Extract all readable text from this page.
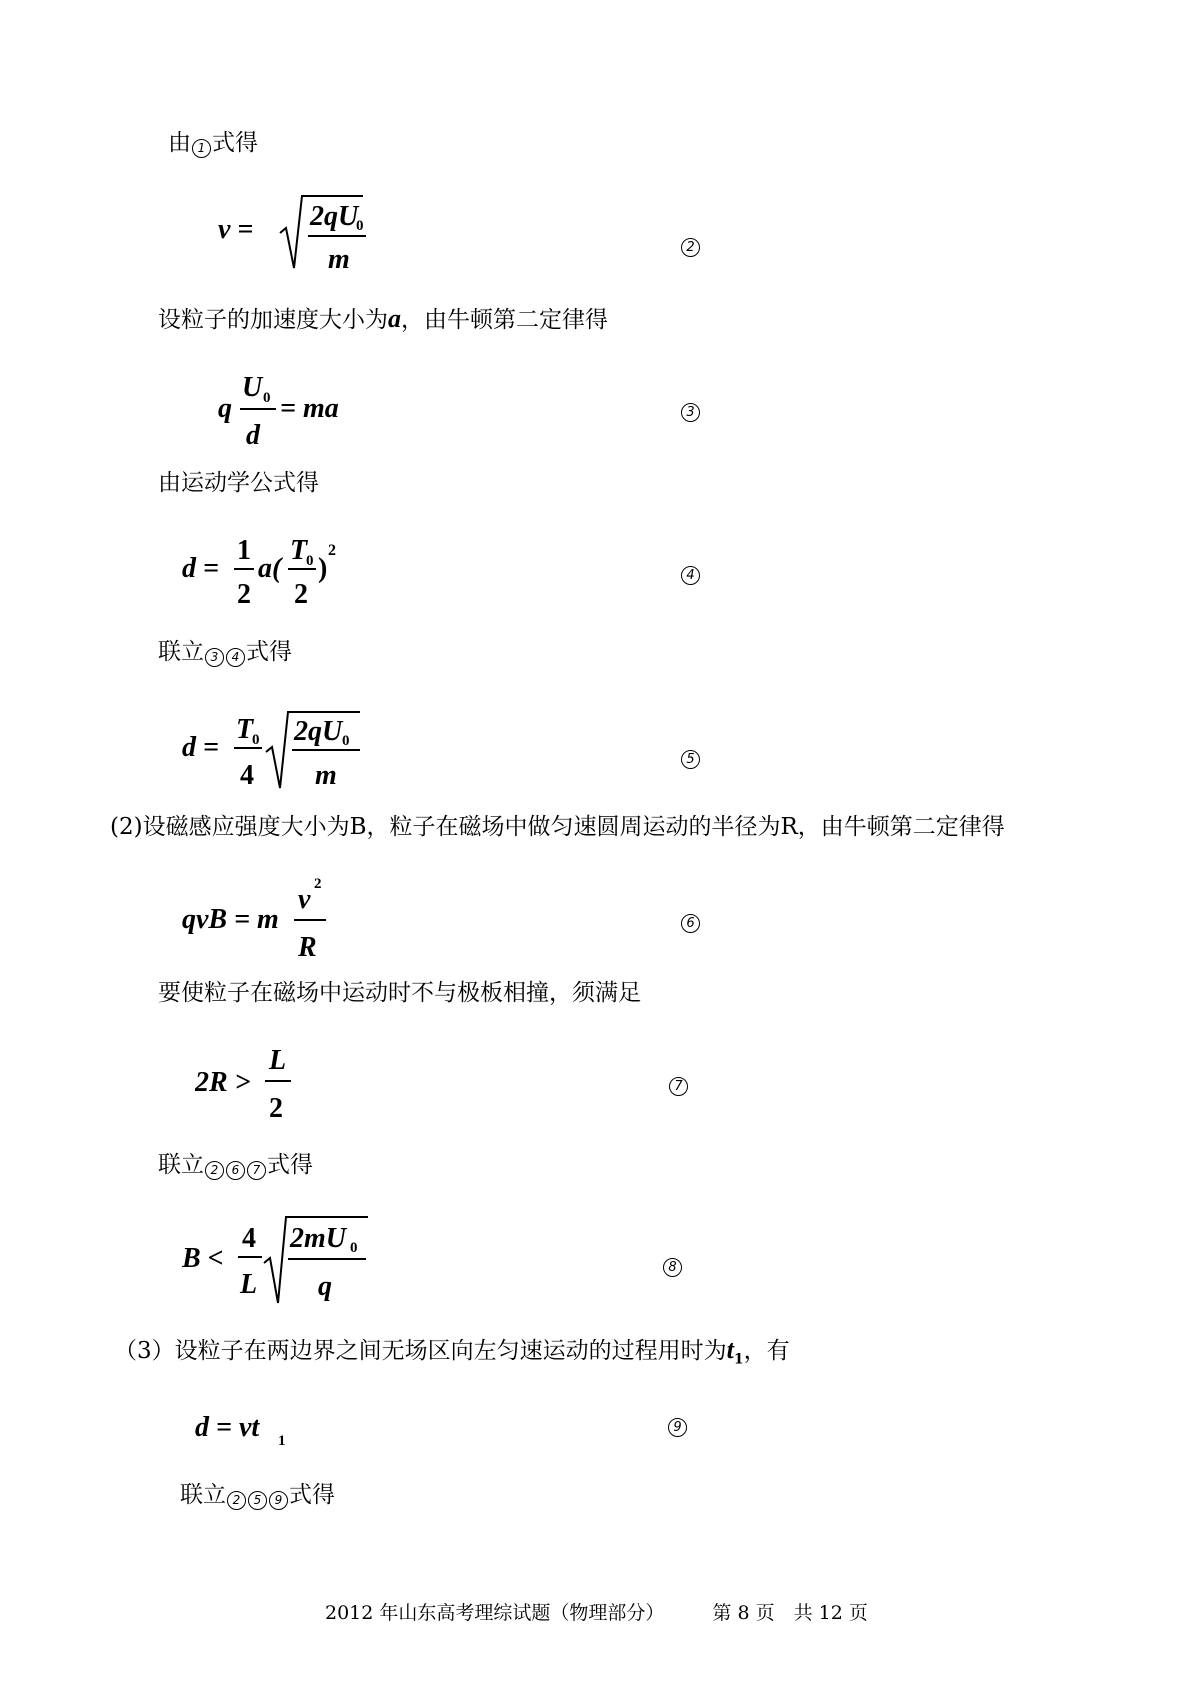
由 1 式得
v = 2qU
0
m	2
设粒子的加速度大小为a，由牛顿第二定律得
q
U 0
d
= ma	3
由运动学公式得
d =
1
2
a(
T
0
2
)
2
4
联立 3 4 式得
d =
T
0
4
2qU 0
m
5
(2)设磁感应强度大小为B，粒子在磁场中做匀速圆周运动的半径为R，由牛顿第二定律得
qvB = m
v 2
R
6
要使粒子在磁场中运动时不与极板相撞，须满足
2R >
L
2
7
联立 2 6 7 式得
B <
4
L
2mU 0
q
8
（3）设粒子在两边界之间无场区向左匀速运动的过程用时为$t_1$，有
d = vt 1
9
联立 2 5 9 式得
2012 年山东高考理综试题（物理部分）	第 8 页　共 12 页
